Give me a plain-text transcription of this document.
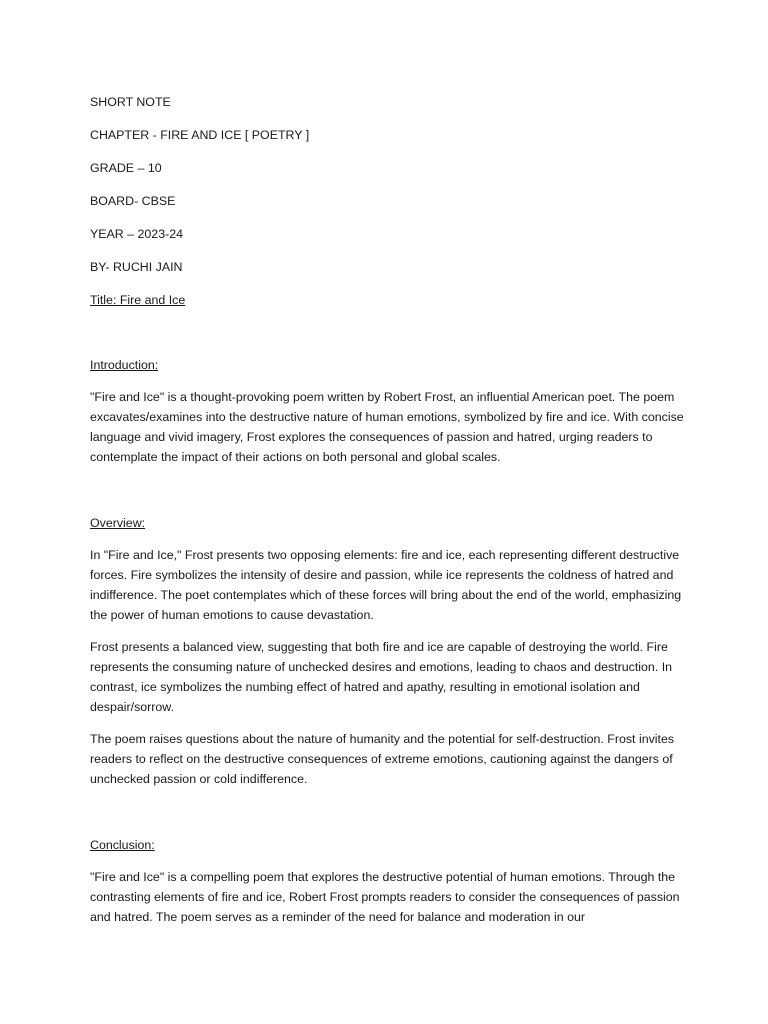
SHORT NOTE

CHAPTER - FIRE AND ICE [ POETRY ]

GRADE – 10

BOARD- CBSE

YEAR – 2023-24

BY- RUCHI JAIN

Title: Fire and Ice

Introduction:

"Fire and Ice" is a thought-provoking poem written by Robert Frost, an influential American poet. The poem excavates/examines into the destructive nature of human emotions, symbolized by fire and ice. With concise language and vivid imagery, Frost explores the consequences of passion and hatred, urging readers to contemplate the impact of their actions on both personal and global scales.

Overview:

In "Fire and Ice," Frost presents two opposing elements: fire and ice, each representing different destructive forces. Fire symbolizes the intensity of desire and passion, while ice represents the coldness of hatred and indifference. The poet contemplates which of these forces will bring about the end of the world, emphasizing the power of human emotions to cause devastation.

Frost presents a balanced view, suggesting that both fire and ice are capable of destroying the world. Fire represents the consuming nature of unchecked desires and emotions, leading to chaos and destruction. In contrast, ice symbolizes the numbing effect of hatred and apathy, resulting in emotional isolation and despair/sorrow.

The poem raises questions about the nature of humanity and the potential for self-destruction. Frost invites readers to reflect on the destructive consequences of extreme emotions, cautioning against the dangers of unchecked passion or cold indifference.

Conclusion:

"Fire and Ice" is a compelling poem that explores the destructive potential of human emotions. Through the contrasting elements of fire and ice, Robert Frost prompts readers to consider the consequences of passion and hatred. The poem serves as a reminder of the need for balance and moderation in our
